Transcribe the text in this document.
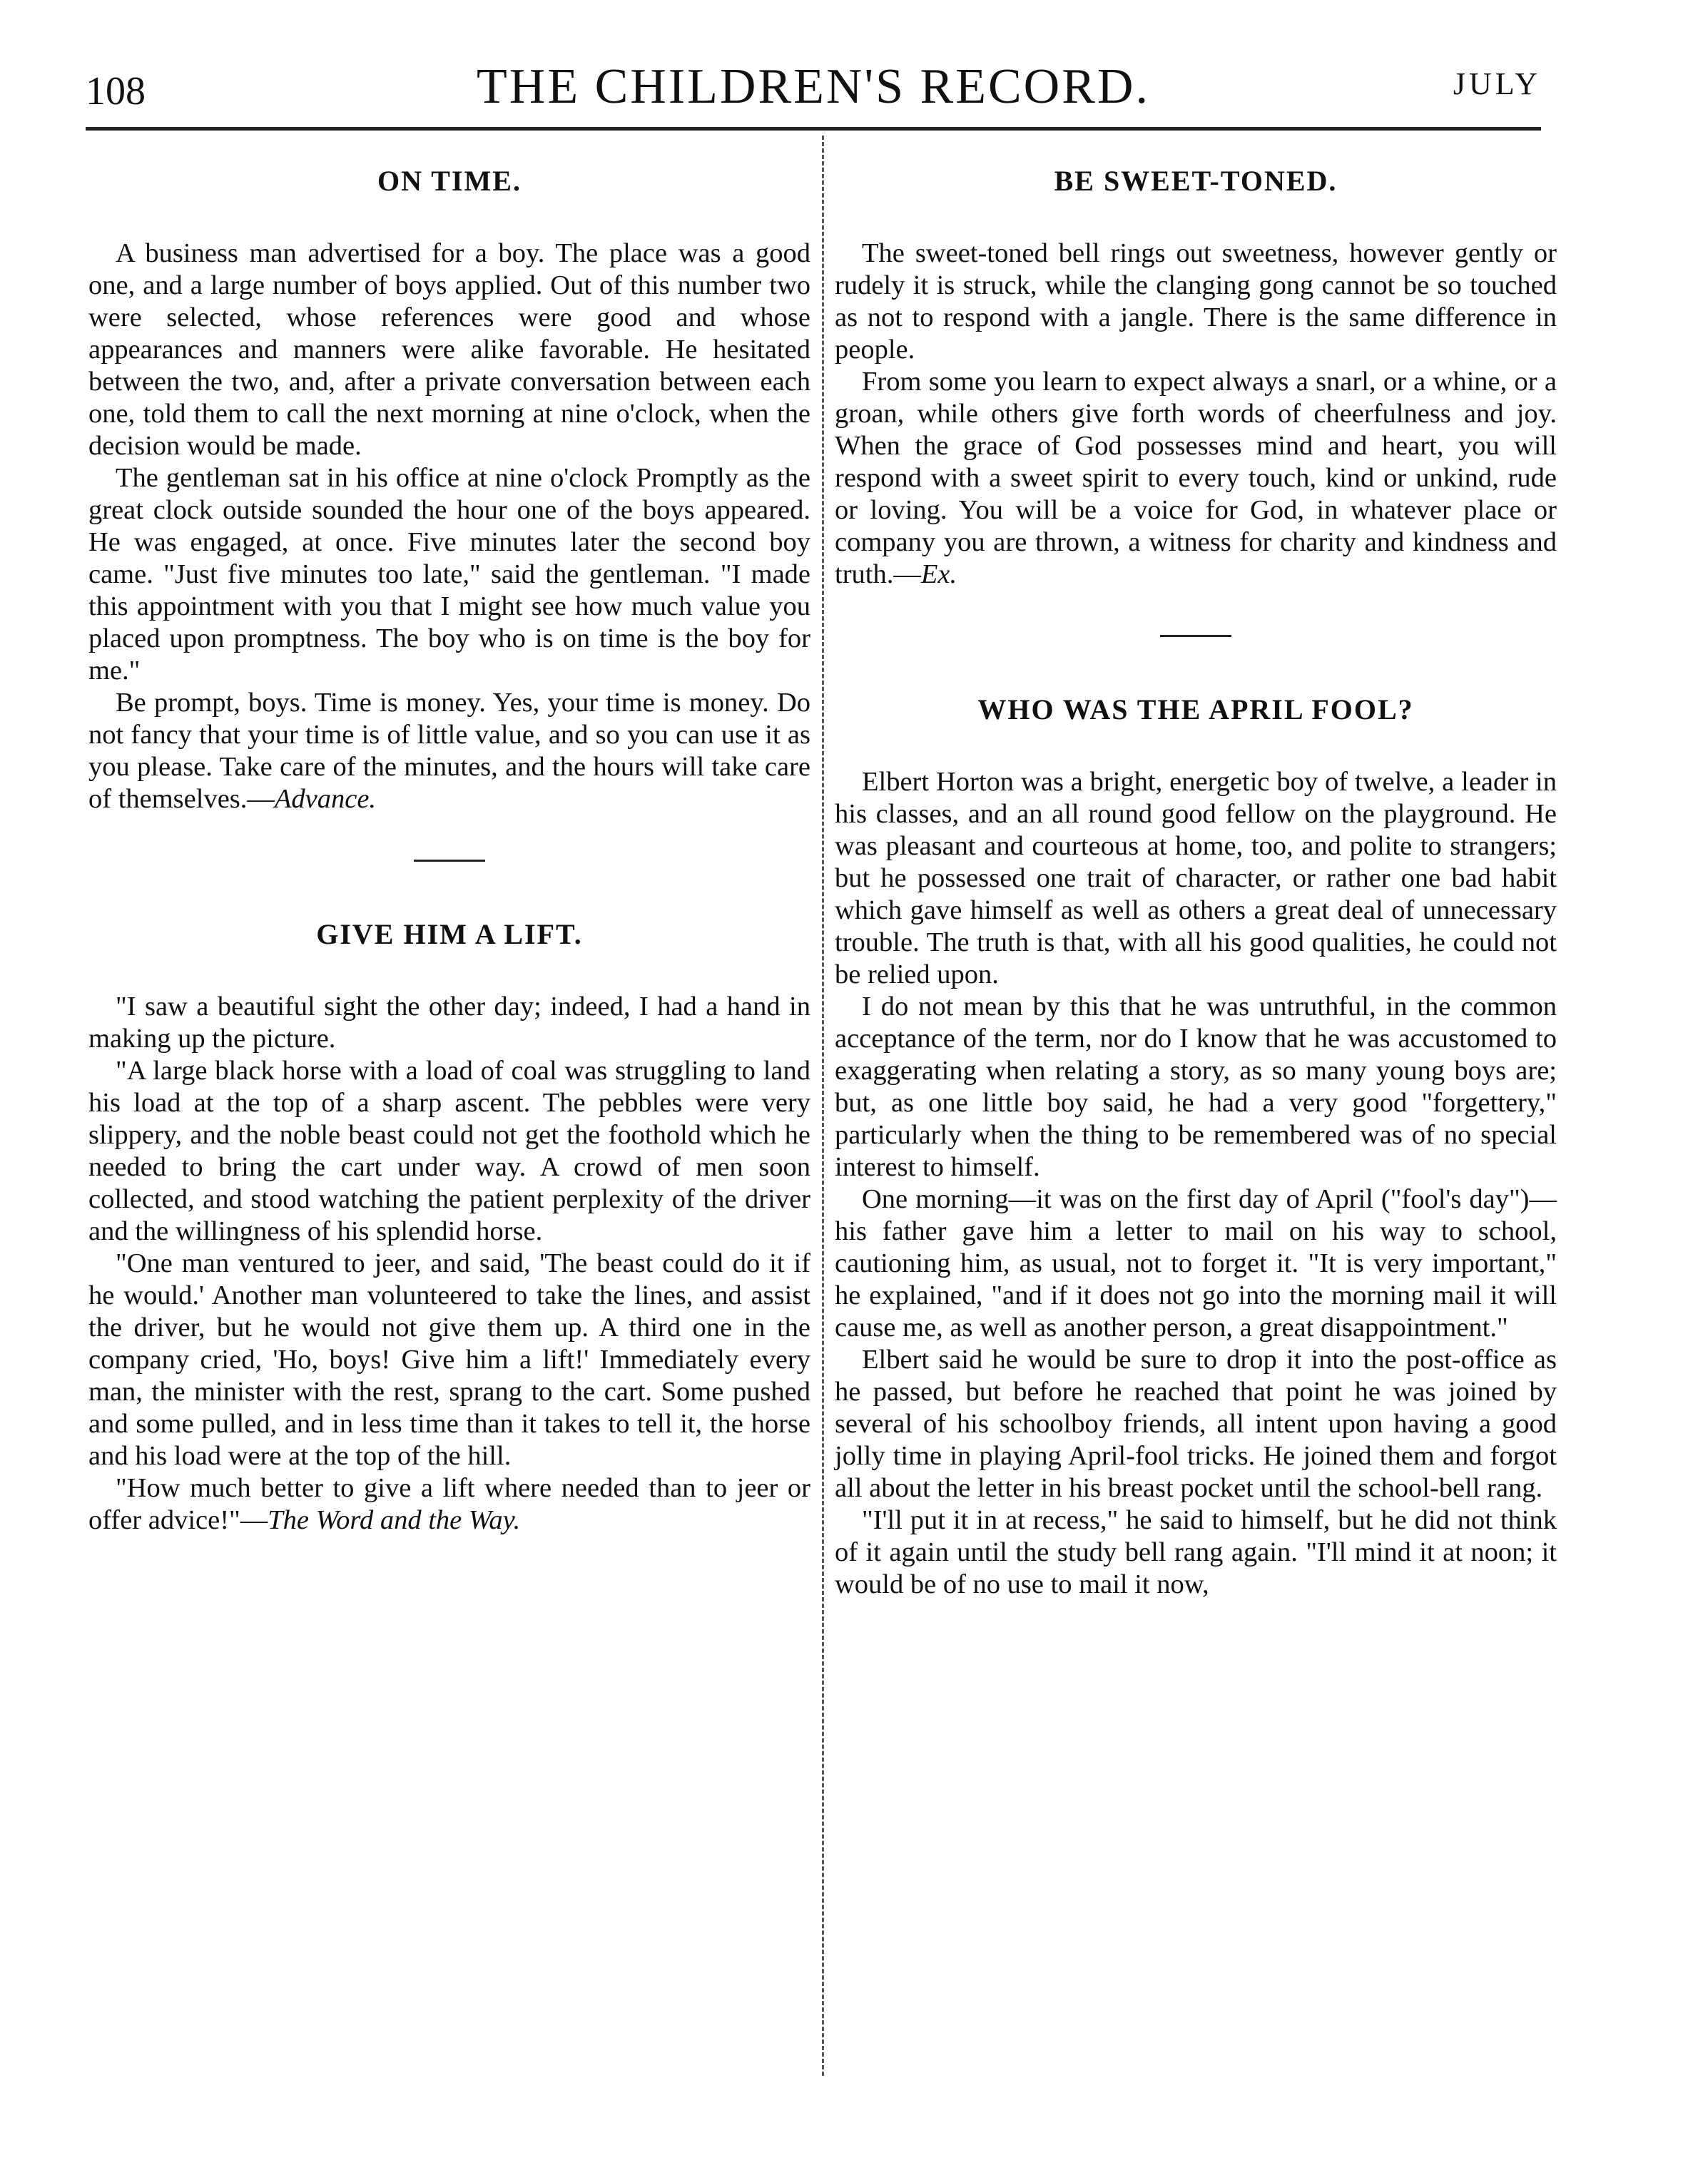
108	THE CHILDREN'S RECORD.	JULY
ON TIME.

A business man advertised for a boy. The place was a good one, and a large number of boys applied. Out of this number two were selected, whose references were good and whose appearances and manners were alike favorable. He hesitated between the two, and, after a private conversation between each one, told them to call the next morning at nine o'clock, when the decision would be made.

The gentleman sat in his office at nine o'clock Promptly as the great clock outside sounded the hour one of the boys appeared. He was engaged, at once. Five minutes later the second boy came. "Just five minutes too late," said the gentleman. "I made this appointment with you that I might see how much value you placed upon promptness. The boy who is on time is the boy for me."

Be prompt, boys. Time is money. Yes, your time is money. Do not fancy that your time is of little value, and so you can use it as you please. Take care of the minutes, and the hours will take care of themselves.—Advance.

GIVE HIM A LIFT.

"I saw a beautiful sight the other day; indeed, I had a hand in making up the picture.

"A large black horse with a load of coal was struggling to land his load at the top of a sharp ascent. The pebbles were very slippery, and the noble beast could not get the foothold which he needed to bring the cart under way. A crowd of men soon collected, and stood watching the patient perplexity of the driver and the willingness of his splendid horse.

"One man ventured to jeer, and said, 'The beast could do it if he would.' Another man volunteered to take the lines, and assist the driver, but he would not give them up. A third one in the company cried, 'Ho, boys! Give him a lift!' Immediately every man, the minister with the rest, sprang to the cart. Some pushed and some pulled, and in less time than it takes to tell it, the horse and his load were at the top of the hill.

"How much better to give a lift where needed than to jeer or offer advice!"—The Word and the Way.

BE SWEET-TONED.

The sweet-toned bell rings out sweetness, however gently or rudely it is struck, while the clanging gong cannot be so touched as not to respond with a jangle. There is the same difference in people.

From some you learn to expect always a snarl, or a whine, or a groan, while others give forth words of cheerfulness and joy. When the grace of God possesses mind and heart, you will respond with a sweet spirit to every touch, kind or unkind, rude or loving. You will be a voice for God, in whatever place or company you are thrown, a witness for charity and kindness and truth.—Ex.

WHO WAS THE APRIL FOOL?

Elbert Horton was a bright, energetic boy of twelve, a leader in his classes, and an all round good fellow on the playground. He was pleasant and courteous at home, too, and polite to strangers; but he possessed one trait of character, or rather one bad habit which gave himself as well as others a great deal of unnecessary trouble. The truth is that, with all his good qualities, he could not be relied upon.

I do not mean by this that he was untruthful, in the common acceptance of the term, nor do I know that he was accustomed to exaggerating when relating a story, as so many young boys are; but, as one little boy said, he had a very good "forgettery," particularly when the thing to be remembered was of no special interest to himself.

One morning—it was on the first day of April ("fool's day")—his father gave him a letter to mail on his way to school, cautioning him, as usual, not to forget it. "It is very important," he explained, "and if it does not go into the morning mail it will cause me, as well as another person, a great disappointment."

Elbert said he would be sure to drop it into the post-office as he passed, but before he reached that point he was joined by several of his schoolboy friends, all intent upon having a good jolly time in playing April-fool tricks. He joined them and forgot all about the letter in his breast pocket until the school-bell rang.

"I'll put it in at recess," he said to himself, but he did not think of it again until the study bell rang again. "I'll mind it at noon; it would be of no use to mail it now,
